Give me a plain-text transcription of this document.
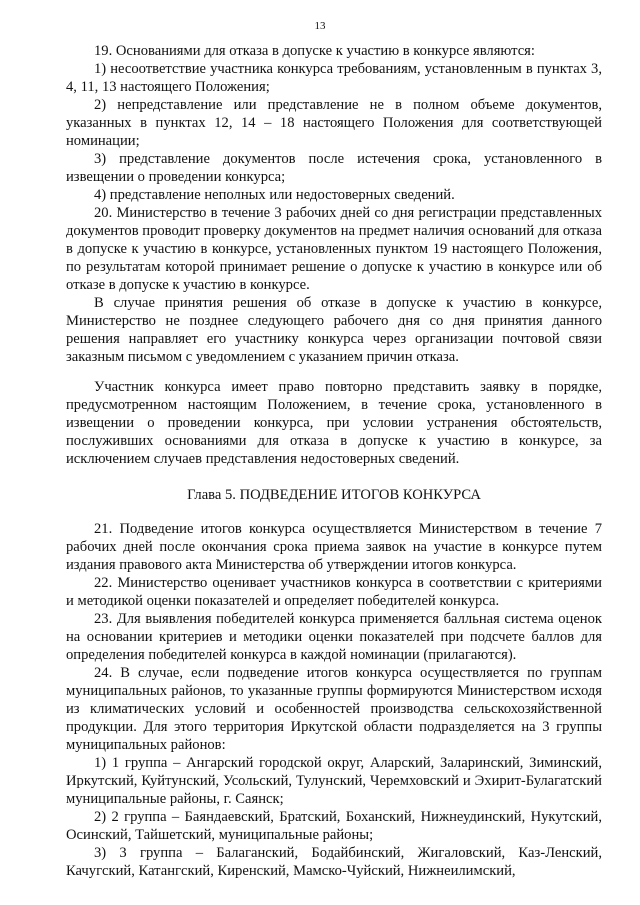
13

19. Основаниями для отказа в допуске к участию в конкурсе являются:

1) несоответствие участника конкурса требованиям, установленным в пунктах 3, 4, 11, 13 настоящего Положения;

2) непредставление или представление не в полном объеме документов, указанных в пунктах 12, 14 – 18 настоящего Положения для соответствующей номинации;

3) представление документов после истечения срока, установленного в извещении о проведении конкурса;

4) представление неполных или недостоверных сведений.

20. Министерство в течение 3 рабочих дней со дня регистрации представленных документов проводит проверку документов на предмет наличия оснований для отказа в допуске к участию в конкурсе, установленных пунктом 19 настоящего Положения, по результатам которой принимает решение о допуске к участию в конкурсе или об отказе в допуске к участию в конкурсе.

В случае принятия решения об отказе в допуске к участию в конкурсе, Министерство не позднее следующего рабочего дня со дня принятия данного решения направляет его участнику конкурса через организации почтовой связи заказным письмом с уведомлением с указанием причин отказа.

Участник конкурса имеет право повторно представить заявку в порядке, предусмотренном настоящим Положением, в течение срока, установленного в извещении о проведении конкурса, при условии устранения обстоятельств, послуживших основаниями для отказа в допуске к участию в конкурсе, за исключением случаев представления недостоверных сведений.

Глава 5. ПОДВЕДЕНИЕ ИТОГОВ КОНКУРСА

21. Подведение итогов конкурса осуществляется Министерством в течение 7 рабочих дней после окончания срока приема заявок на участие в конкурсе путем издания правового акта Министерства об утверждении итогов конкурса.

22. Министерство оценивает участников конкурса в соответствии с критериями и методикой оценки показателей и определяет победителей конкурса.

23. Для выявления победителей конкурса применяется балльная система оценок на основании критериев и методики оценки показателей при подсчете баллов для определения победителей конкурса в каждой номинации (прилагаются).

24. В случае, если подведение итогов конкурса осуществляется по группам муниципальных районов, то указанные группы формируются Министерством исходя из климатических условий и особенностей производства сельскохозяйственной продукции. Для этого территория Иркутской области подразделяется на 3 группы муниципальных районов:

1) 1 группа – Ангарский городской округ, Аларский, Заларинский, Зиминский, Иркутский, Куйтунский, Усольский, Тулунский, Черемховский и Эхирит-Булагатский муниципальные районы, г. Саянск;

2) 2 группа – Баяндаевский, Братский, Боханский, Нижнеудинский, Нукутский, Осинский, Тайшетский, муниципальные районы;

3) 3 группа – Балаганский, Бодайбинский, Жигаловский, Каз-Ленский, Качугский, Катангский, Киренский, Мамско-Чуйский, Нижнеилимский,
